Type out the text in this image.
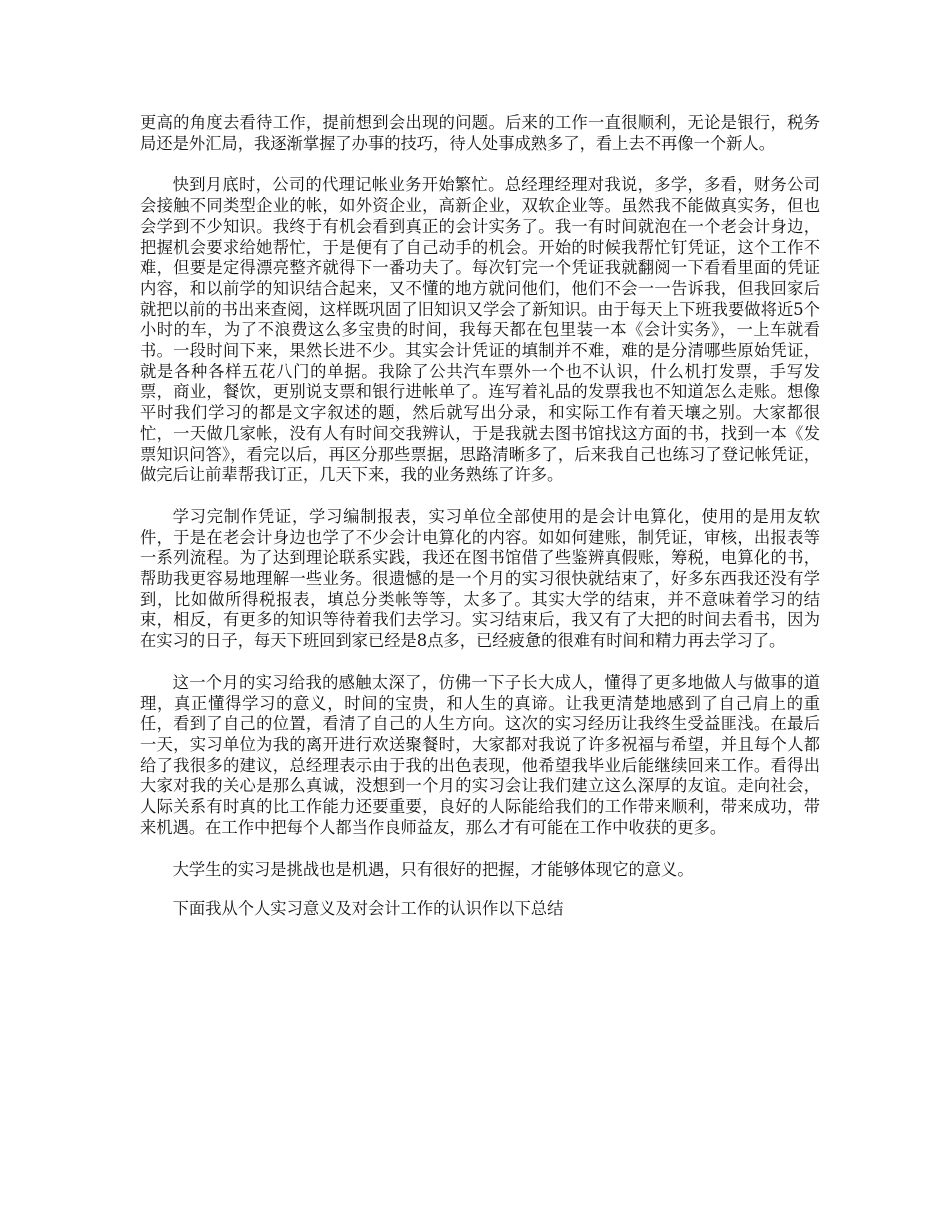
更高的角度去看待工作，提前想到会出现的问题。后来的工作一直很顺利，无论是银行，税务局还是外汇局，我逐渐掌握了办事的技巧，待人处事成熟多了，看上去不再像一个新人。

快到月底时，公司的代理记帐业务开始繁忙。总经理经理对我说，多学，多看，财务公司会接触不同类型企业的帐，如外资企业，高新企业，双软企业等。虽然我不能做真实务，但也会学到不少知识。我终于有机会看到真正的会计实务了。我一有时间就泡在一个老会计身边，把握机会要求给她帮忙，于是便有了自己动手的机会。开始的时候我帮忙钉凭证，这个工作不难，但要是定得漂亮整齐就得下一番功夫了。每次钉完一个凭证我就翻阅一下看看里面的凭证内容，和以前学的知识结合起来，又不懂的地方就问他们，他们不会一一告诉我，但我回家后就把以前的书出来查阅，这样既巩固了旧知识又学会了新知识。由于每天上下班我要做将近5个小时的车，为了不浪费这么多宝贵的时间，我每天都在包里装一本《会计实务》，一上车就看书。一段时间下来，果然长进不少。其实会计凭证的填制并不难，难的是分清哪些原始凭证，就是各种各样五花八门的单据。我除了公共汽车票外一个也不认识，什么机打发票，手写发票，商业，餐饮，更别说支票和银行进帐单了。连写着礼品的发票我也不知道怎么走账。想像平时我们学习的都是文字叙述的题，然后就写出分录，和实际工作有着天壤之别。大家都很忙，一天做几家帐，没有人有时间交我辨认，于是我就去图书馆找这方面的书，找到一本《发票知识问答》，看完以后，再区分那些票据，思路清晰多了，后来我自己也练习了登记帐凭证，做完后让前辈帮我订正，几天下来，我的业务熟练了许多。

学习完制作凭证，学习编制报表，实习单位全部使用的是会计电算化，使用的是用友软件，于是在老会计身边也学了不少会计电算化的内容。如如何建账，制凭证，审核，出报表等一系列流程。为了达到理论联系实践，我还在图书馆借了些鉴辨真假账，筹税，电算化的书，帮助我更容易地理解一些业务。很遗憾的是一个月的实习很快就结束了，好多东西我还没有学到，比如做所得税报表，填总分类帐等等，太多了。其实大学的结束，并不意味着学习的结束，相反，有更多的知识等待着我们去学习。实习结束后，我又有了大把的时间去看书，因为在实习的日子，每天下班回到家已经是8点多，已经疲惫的很难有时间和精力再去学习了。

这一个月的实习给我的感触太深了，仿佛一下子长大成人，懂得了更多地做人与做事的道理，真正懂得学习的意义，时间的宝贵，和人生的真谛。让我更清楚地感到了自己肩上的重任，看到了自己的位置，看清了自己的人生方向。这次的实习经历让我终生受益匪浅。在最后一天，实习单位为我的离开进行欢送聚餐时，大家都对我说了许多祝福与希望，并且每个人都给了我很多的建议，总经理表示由于我的出色表现，他希望我毕业后能继续回来工作。看得出大家对我的关心是那么真诚，没想到一个月的实习会让我们建立这么深厚的友谊。走向社会，人际关系有时真的比工作能力还要重要，良好的人际能给我们的工作带来顺利，带来成功，带来机遇。在工作中把每个人都当作良师益友，那么才有可能在工作中收获的更多。

大学生的实习是挑战也是机遇，只有很好的把握，才能够体现它的意义。

下面我从个人实习意义及对会计工作的认识作以下总结
